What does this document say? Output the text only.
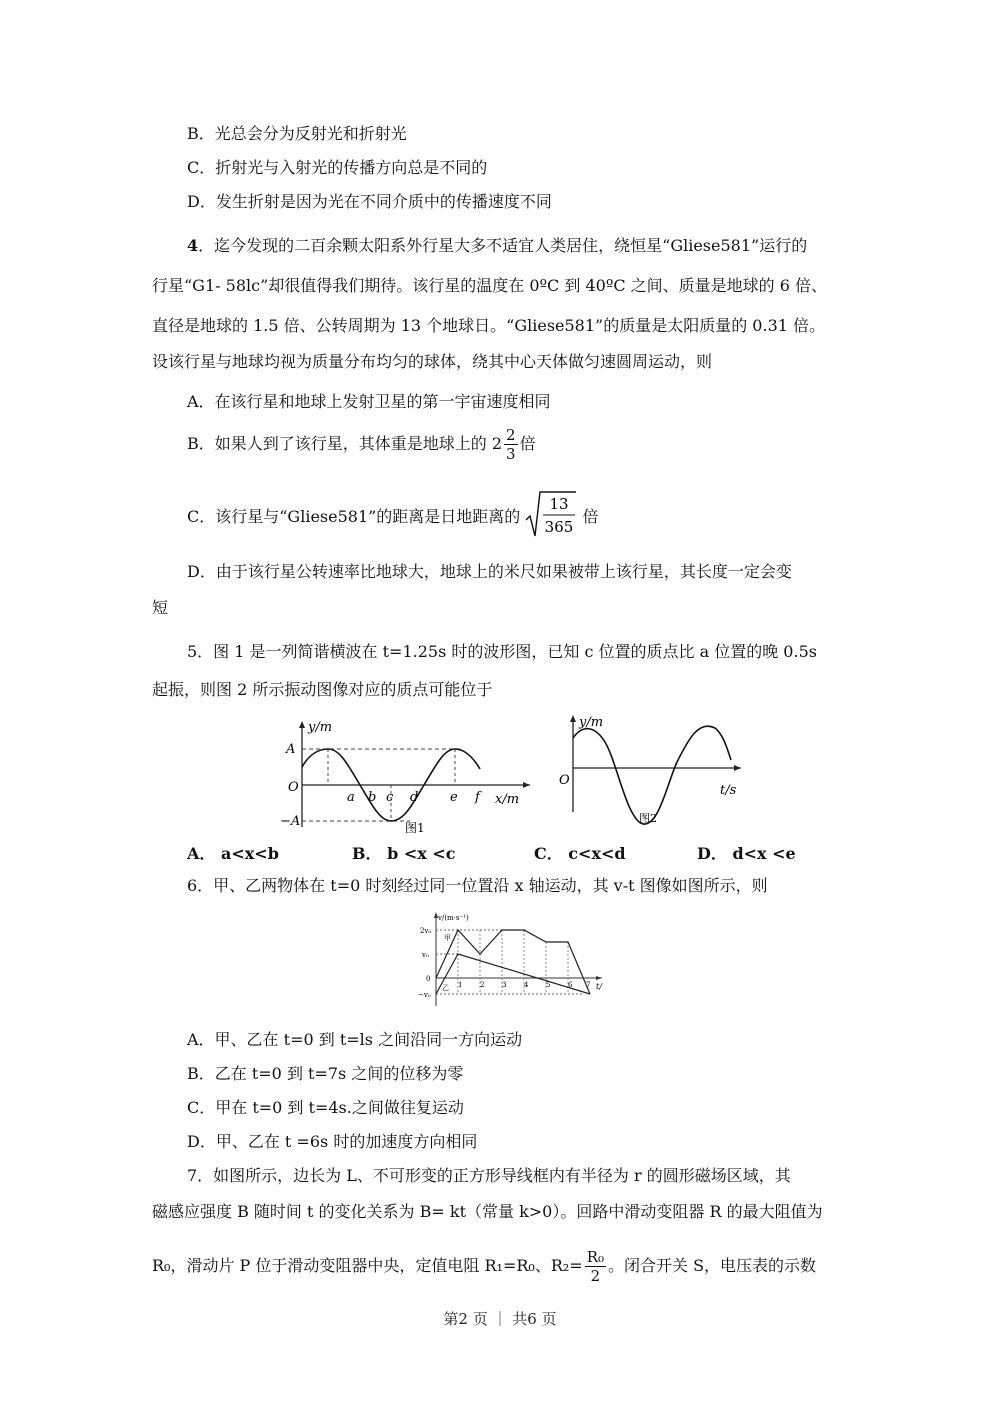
B．光总会分为反射光和折射光
C．折射光与入射光的传播方向总是不同的
D．发生折射是因为光在不同介质中的传播速度不同
4．迄今发现的二百余颗太阳系外行星大多不适宜人类居住，绕恒星“Gliese581”运行的
行星“G1- 58lc”却很值得我们期待。该行星的温度在 0ºC 到 40ºC 之间、质量是地球的 6 倍、
直径是地球的 1.5 倍、公转周期为 13 个地球日。“Gliese581”的质量是太阳质量的 0.31 倍。
设该行星与地球均视为质量分布均匀的球体，绕其中心天体做匀速圆周运动，则
A．在该行星和地球上发射卫星的第一宇宙速度相同
B．如果人到了该行星，其体重是地球上的 $2 \frac{2}{3}$ 倍
C．该行星与“Gliese581”的距离是日地距离的
13
365
倍
D．由于该行星公转速率比地球大，地球上的米尺如果被带上该行星，其长度一定会变
短
5．图 1 是一列简谐横波在 t=1.25s 时的波形图，已知 c 位置的质点比 a 位置的晚 0.5s
起振，则图 2 所示振动图像对应的质点可能位于
A
−A
O
y/m
x/m
a b c d e f
图1
y/m
O
t/s
图2
A． a<x<b	B． b <x <c	C． c<x<d	D． d<x <e
6．甲、乙两物体在 t=0 时刻经过同一位置沿 x 轴运动，其 v-t 图像如图所示，则
v/(m·s⁻¹)
t/
2v₀
v₀
0
−v₀
1	2	3	4	5	6 7
甲
乙
A．甲、乙在 t=0 到 t=ls 之间沿同一方向运动
B．乙在 t=0 到 t=7s 之间的位移为零
C．甲在 t=0 到 t=4s.之间做往复运动
D．甲、乙在 t =6s 时的加速度方向相同
7．如图所示，边长为 L、不可形变的正方形导线框内有半径为 r 的圆形磁场区域，其
磁感应强度 B 随时间 t 的变化关系为 B= kt（常量 k>0）。回路中滑动变阻器 R 的最大阻值为
R₀，滑动片 P 位于滑动变阻器中央，定值电阻 R₁=R₀、$R_2= \frac{\text{R₀}}{2}$ 。闭合开关 S，电压表的示数
第2 页 ｜ 共6 页
